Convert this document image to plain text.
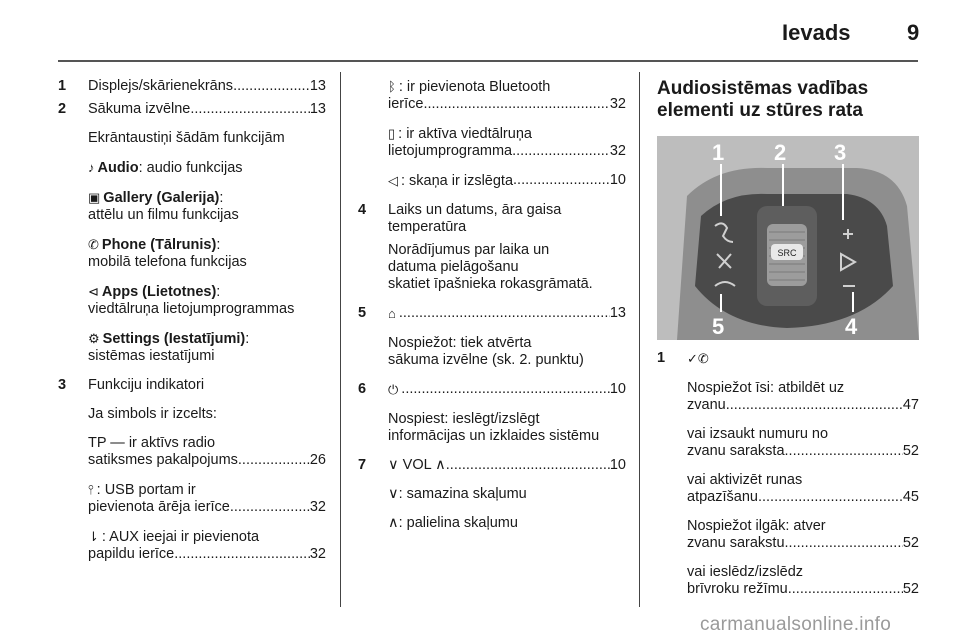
Ievads	9
1 Displejs/skārienekrāns .....	13
2 Sākuma izvēlne .....	13
Ekrāntaustiņi šādām funkcijām
♪ Audio: audio funkcijas
▣ Gallery (Galerija):
attēlu un filmu funkcijas
✆ Phone (Tālrunis):
mobilā telefona funkcijas
⊲ Apps (Lietotnes):
viedtālruņa lietojumprogrammas
⚙ Settings (Iestatījumi):
sistēmas iestatījumi
3 Funkciju indikatori
Ja simbols ir izcelts:
TP — ir aktīvs radio
satiksmes pakalpojums .....	26
⫯ : USB portam ir
pievienota ārēja ierīce .....	32
⇂ : AUX ieejai ir pievienota
papildu ierīce .....	32
ᛒ : ir pievienota Bluetooth
ierīce .....	32
▯ : ir aktīva viedtālruņa
lietojumprogramma .....	32
◁ : skaņa ir izslēgta .....	10
4 Laiks un datums, āra gaisa
temperatūra
Norādījumus par laika un
datuma pielāgošanu
skatiet īpašnieka rokasgrāmatā.
5 ⌂ .....	13
Nospiežot: tiek atvērta
sākuma izvēlne (sk. 2. punktu)
6 ⏻ .....	10
Nospiest: ieslēgt/izslēgt
informācijas un izklaides sistēmu
7 ∨ VOL ∧ .....	10
∨: samazina skaļumu
∧: palielina skaļumu
Audiosistēmas vadības
elementi uz stūres rata
SRC
1 2 3
5	4
1 ✓✆
Nospiežot īsi: atbildēt uz
zvanu .....	47
vai izsaukt numuru no
zvanu saraksta .....	52
vai aktivizēt runas
atpazīšanu .....	45
Nospiežot ilgāk: atver
zvanu sarakstu .....	52
vai ieslēdz/izslēdz
brīvroku režīmu .....	52
carmanualsonline.info
